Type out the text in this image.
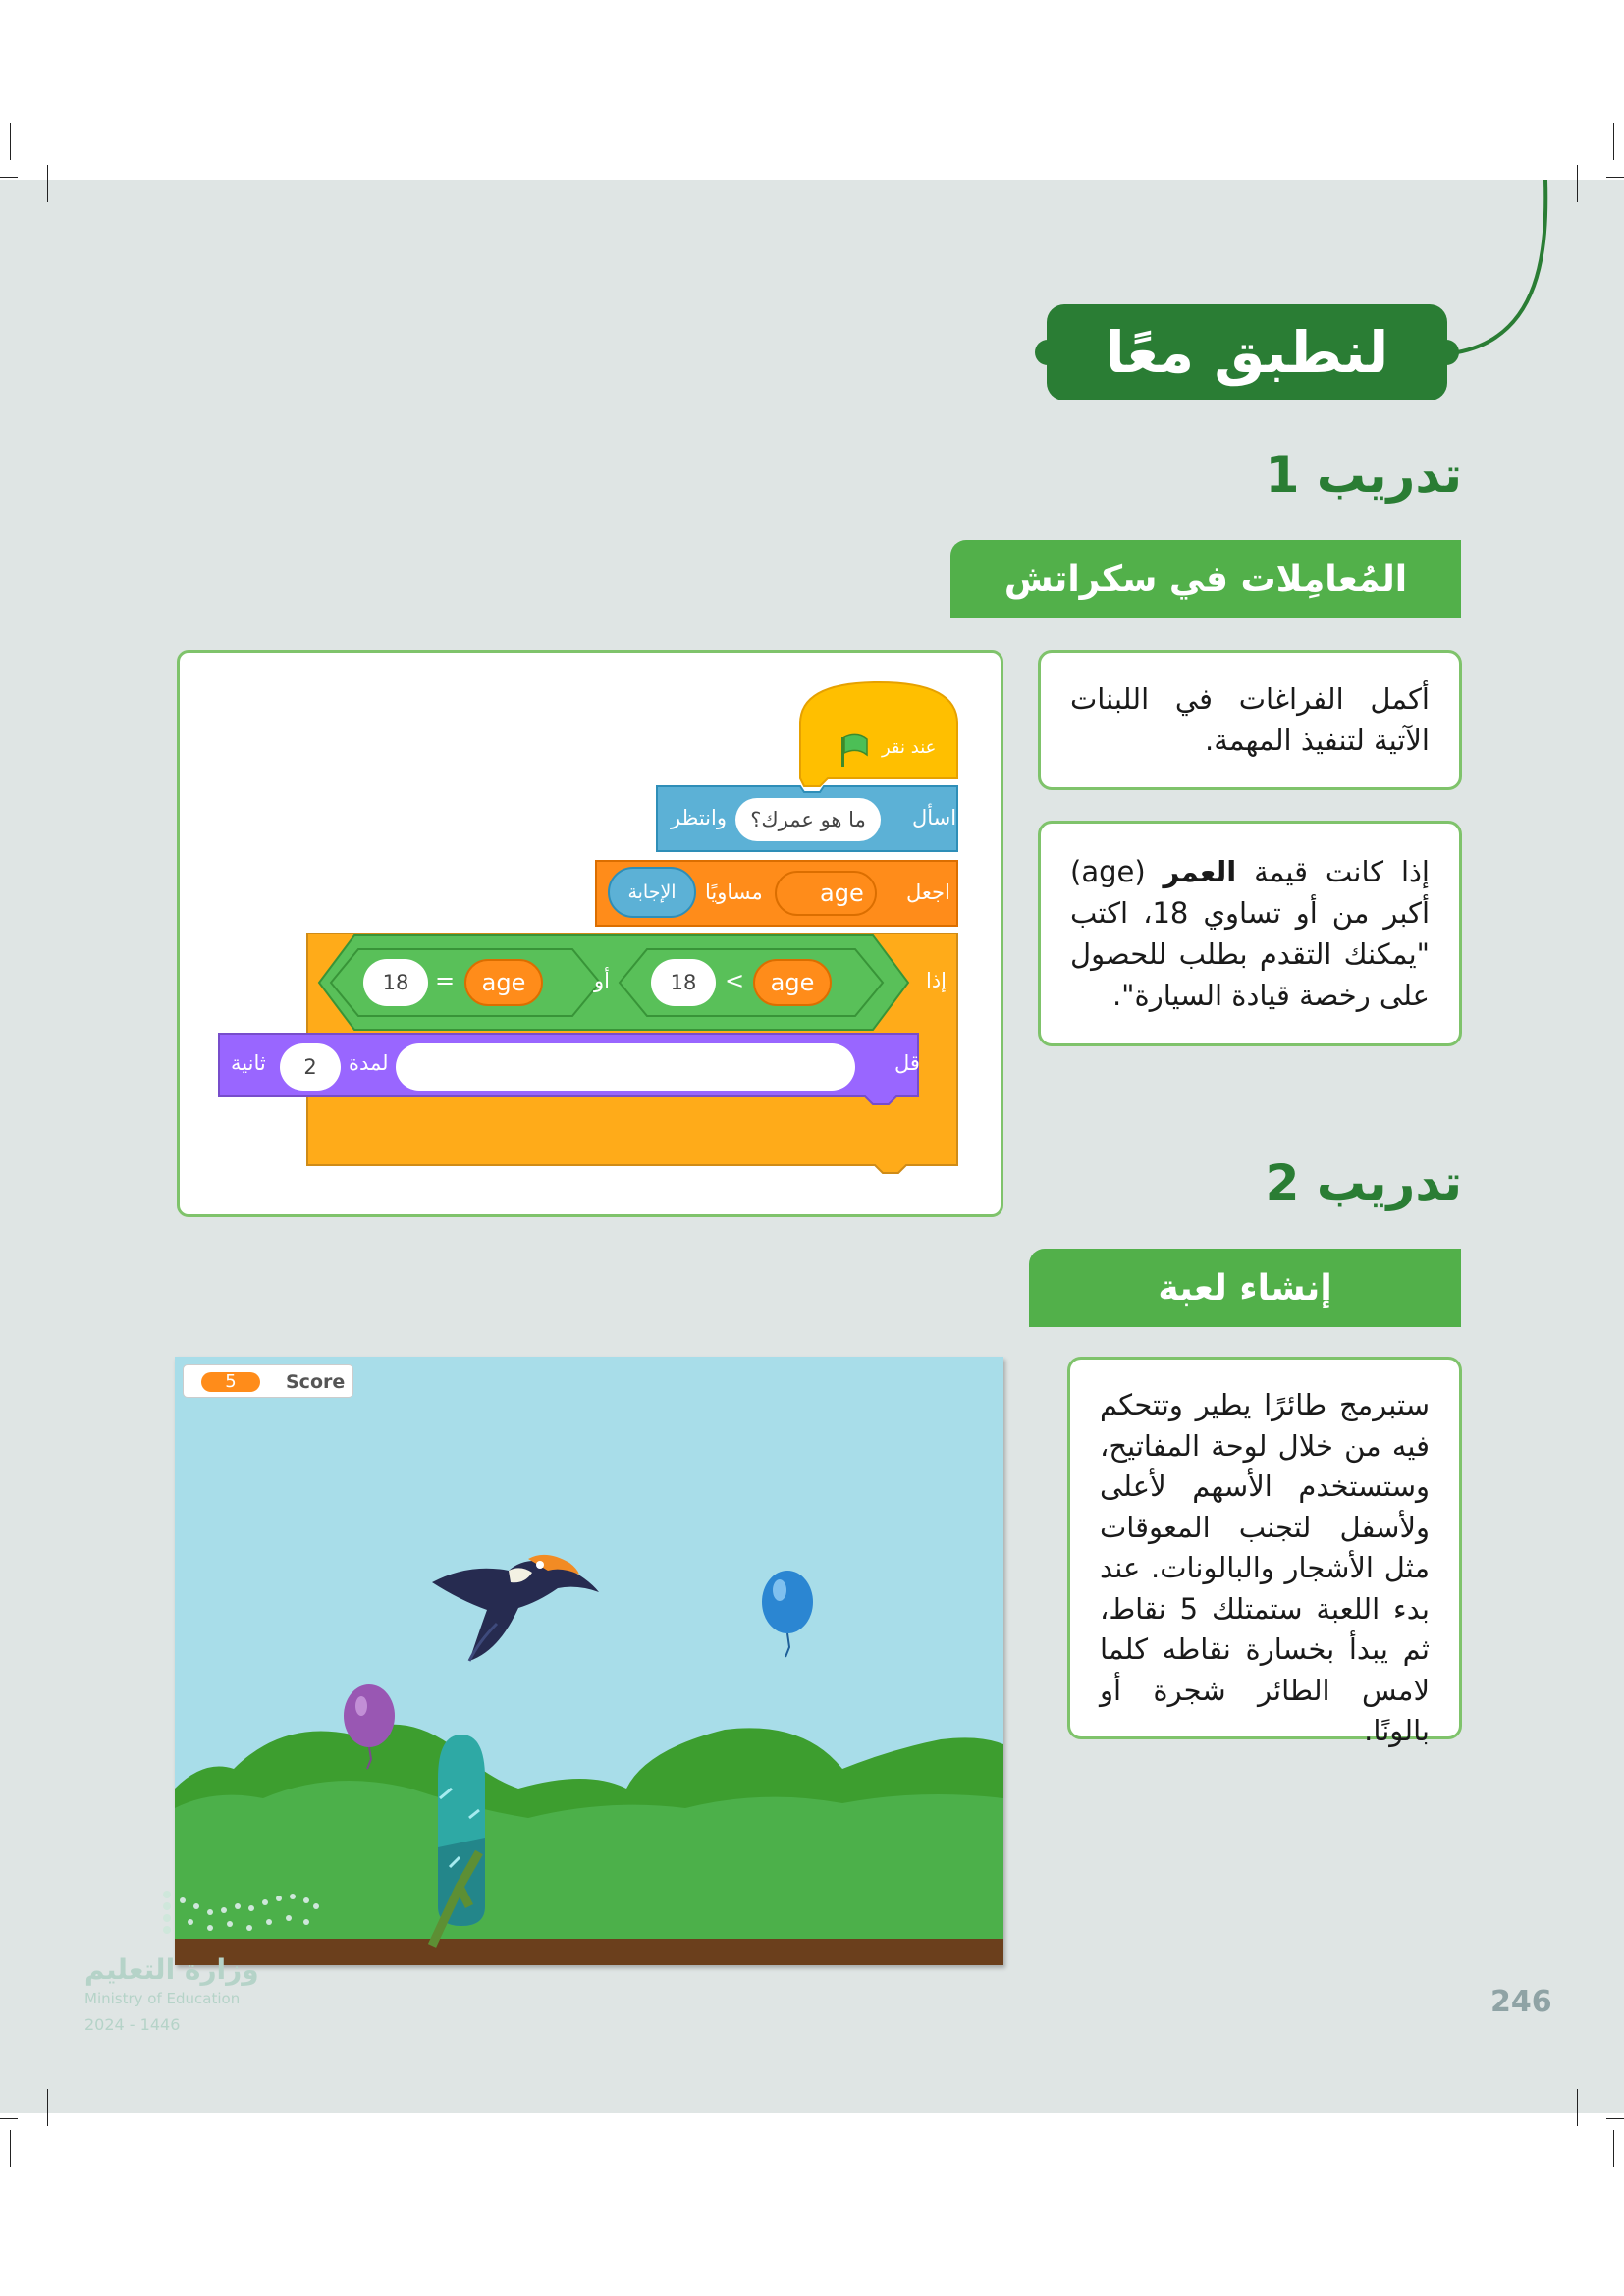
لنطبق معًا
تدريب 1
المُعامِلات في سكراتش
أكمل الفراغات في اللبنات الآتية لتنفيذ المهمة.
إذا كانت قيمة العمر (age) أكبر من أو تساوي 18، اكتب "يمكنك التقدم بطلب للحصول على رخصة قيادة السيارة".
عند نقر
اسأل
ما هو عمرك؟
وانتظر
اجعل
age
مساويًا
الإجابة
إذا
age
>
18
أو
age
=
18
قل
لمدة
2
ثانية
تدريب 2
إنشاء لعبة
ستبرمج طائرًا يطير وتتحكم فيه من خلال لوحة المفاتيح، وستستخدم الأسهم لأعلى ولأسفل لتجنب المعوقات مثل الأشجار والبالونات. عند بدء اللعبة ستمتلك 5 نقاط، ثم يبدأ بخسارة نقاطه كلما لامس الطائر شجرة أو بالونًا.
5	Score
وزارة التعليم
Ministry of Education
2024 - 1446
246
